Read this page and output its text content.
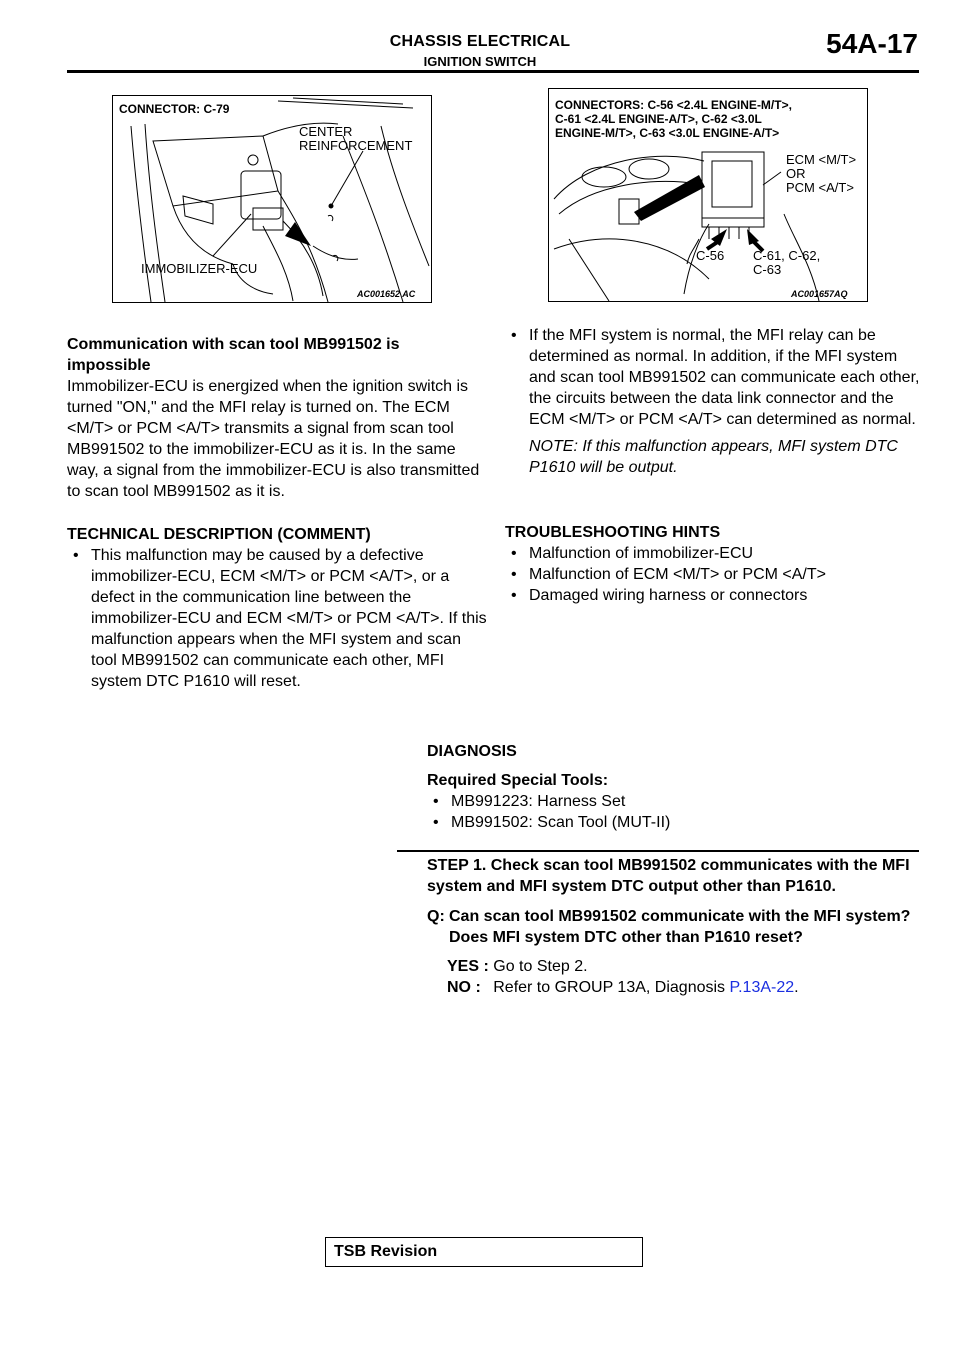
CHASSIS ELECTRICAL
IGNITION SWITCH
54A-17
CONNECTOR: C-79
CENTER
REINFORCEMENT
IMMOBILIZER-ECU
AC001652 AC
CONNECTORS: C-56 <2.4L ENGINE-M/T>,
C-61 <2.4L ENGINE-A/T>, C-62 <3.0L
ENGINE-M/T>, C-63 <3.0L ENGINE-A/T>
ECM <M/T>
OR
PCM <A/T>
C-56 C-61, C-62,
C-63
AC001657AQ
Communication with scan tool MB991502 is impossible
Immobilizer-ECU is energized when the ignition switch is turned "ON," and the MFI relay is turned on. The ECM <M/T> or PCM <A/T> transmits a signal from scan tool MB991502 to the immobilizer-ECU as it is. In the same way, a signal from the immobilizer-ECU is also transmitted to scan tool MB991502 as it is.
TECHNICAL DESCRIPTION (COMMENT)
• This malfunction may be caused by a defective immobilizer-ECU, ECM <M/T> or PCM <A/T>, or a defect in the communication line between the immobilizer-ECU and ECM <M/T> or PCM <A/T>. If this malfunction appears when the MFI system and scan tool MB991502 can communicate each other, MFI system DTC P1610 will reset.
• If the MFI system is normal, the MFI relay can be determined as normal. In addition, if the MFI system and scan tool MB991502 can communicate each other, the circuits between the data link connector and the ECM <M/T> or PCM <A/T> can determined as normal.
NOTE: If this malfunction appears, MFI system DTC P1610 will be output.
TROUBLESHOOTING HINTS
• Malfunction of immobilizer-ECU
• Malfunction of ECM <M/T> or PCM <A/T>
• Damaged wiring harness or connectors
DIAGNOSIS
Required Special Tools:
• MB991223: Harness Set
• MB991502: Scan Tool (MUT-II)
STEP 1. Check scan tool MB991502 communicates with the MFI system and MFI system DTC output other than P1610.
Q: Can scan tool MB991502 communicate with the MFI system? Does MFI system DTC other than P1610 reset?
YES : Go to Step 2.
NO : Refer to GROUP 13A, Diagnosis P.13A-22.
TSB Revision
